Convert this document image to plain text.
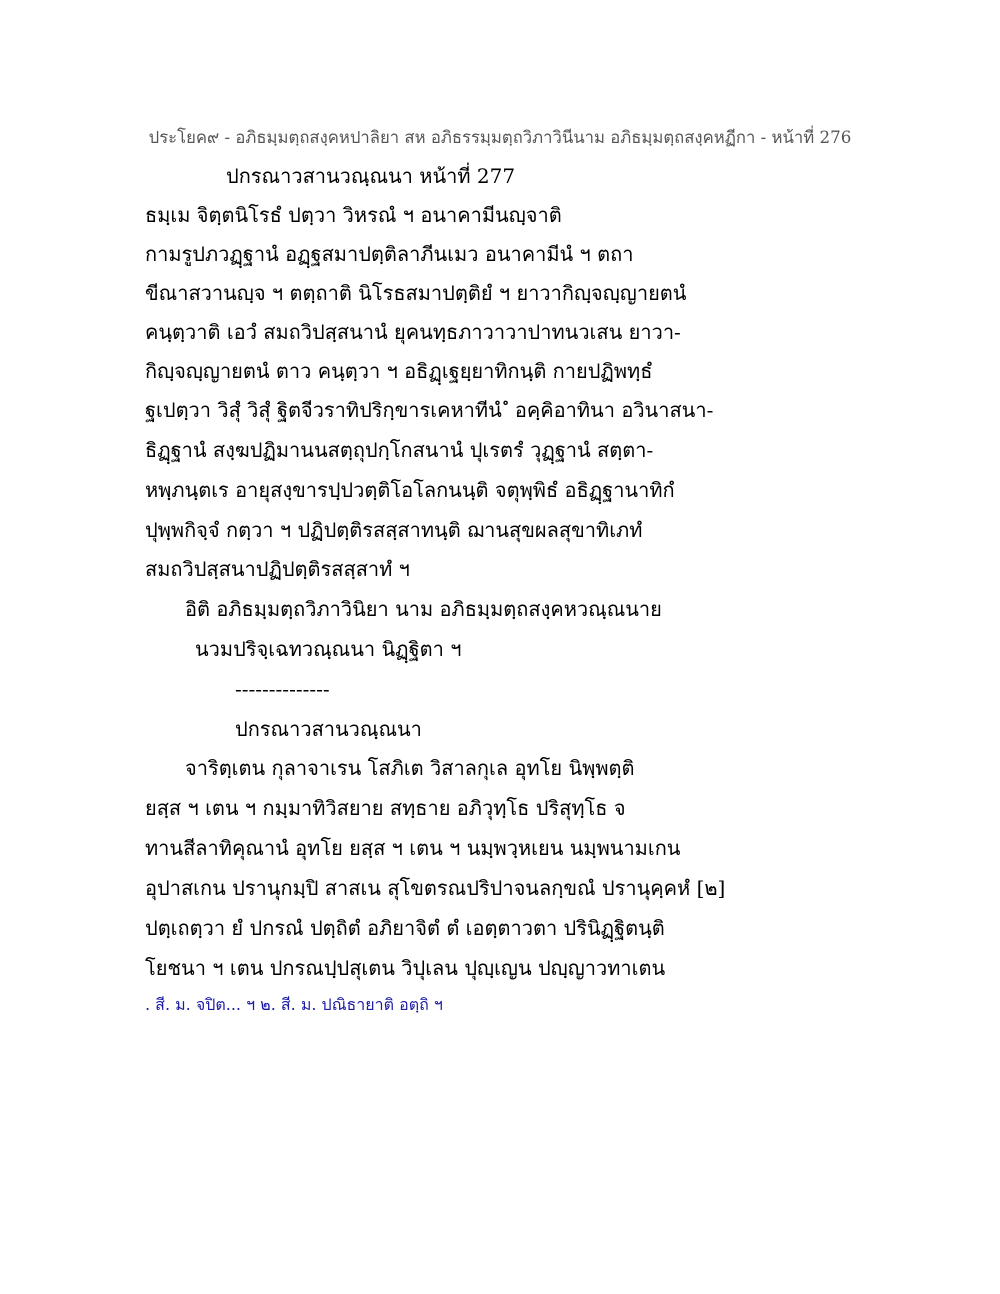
ประโยค๙ - อภิธมฺมตฺถสงฺคหปาลิยา สห อภิธรรมฺมตฺถวิภาวินีนาม อภิธมฺมตฺถสงฺคหฏีกา - หน้าที่ 276
ปกรณาวสานวณฺณนา หน้าที่ 277
ธมฺเม จิตฺตนิโรธํ ปตฺวา วิหรณํ ฯ อนาคามีนญฺจาติ
กามรูปภวฏฺฐานํ อฏฺฐสมาปตฺติลาภีนเมว อนาคามีนํ ฯ ตถา
ขีณาสวานญฺจ ฯ ตตฺถาติ นิโรธสมาปตฺติยํ ฯ ยาวากิญฺจญฺญายตนํ
คนฺตฺวาติ เอวํ สมถวิปสฺสนานํ ยุคนทฺธภาวาวาปาทนวเสน ยาวา-
กิญฺจญฺญายตนํ ตาว คนฺตฺวา ฯ อธิฏฺเฐยฺยาทิกนฺติ กายปฏิพทฺธํ
ฐเปตฺวา วิสุํ วิสุํ ฐิตจีวราทิปริกฺขารเคหาทีนํ ํ อคฺคิอาทินา อวินาสนา-
ธิฏฺฐานํ สงฺฆปฏิมานนสตฺถุปกฺโกสนานํ ปุเรตรํ วุฏฺฐานํ สตฺตา-
หพฺภนฺตเร อายุสงฺขารปฺปวตฺติโอโลกนนฺติ จตุพฺพิธํ อธิฏฺฐานาทิกํ
ปุพฺพกิจฺจํ กตฺวา ฯ ปฏิปตฺติรสสฺสาทนฺติ ฌานสุขผลสุขาทิเภทํ
สมถวิปสฺสนาปฏิปตฺติรสสฺสาทํ ฯ
อิติ อภิธมฺมตฺถวิภาวินิยา นาม อภิธมฺมตฺถสงฺคหวณฺณนาย
นวมปริจฺเฉทวณฺณนา นิฏฺฐิตา ฯ
--------------
ปกรณาวสานวณฺณนา
จาริตฺเตน กุลาจาเรน โสภิเต วิสาลกุเล อุทโย นิพฺพตฺติ
ยสฺส ฯ เตน ฯ กมฺมาทิวิสยาย สทฺธาย อภิวุทฺโธ ปริสุทฺโธ จ
ทานสีลาทิคุณานํ อุทโย ยสฺส ฯ เตน ฯ นมฺพวฺหเยน นมฺพนามเกน
อุปาสเกน ปรานุกมฺปิ สาสเน สุโขตรณปริปาจนลกฺขณํ ปรานุคฺคหํ [๒]
ปตฺเถตฺวา ยํ ปกรณํ ปตฺถิตํ อภิยาจิตํ ตํ เอตฺตาวตา ปรินิฏฺฐิตนฺติ
โยชนา ฯ เตน ปกรณปฺปสุเตน วิปุเลน ปุญฺเญน ปญฺญาวทาเตน
. สี. ม. จปิต... ฯ ๒. สี. ม. ปณิธายาติ อตฺถิ ฯ
